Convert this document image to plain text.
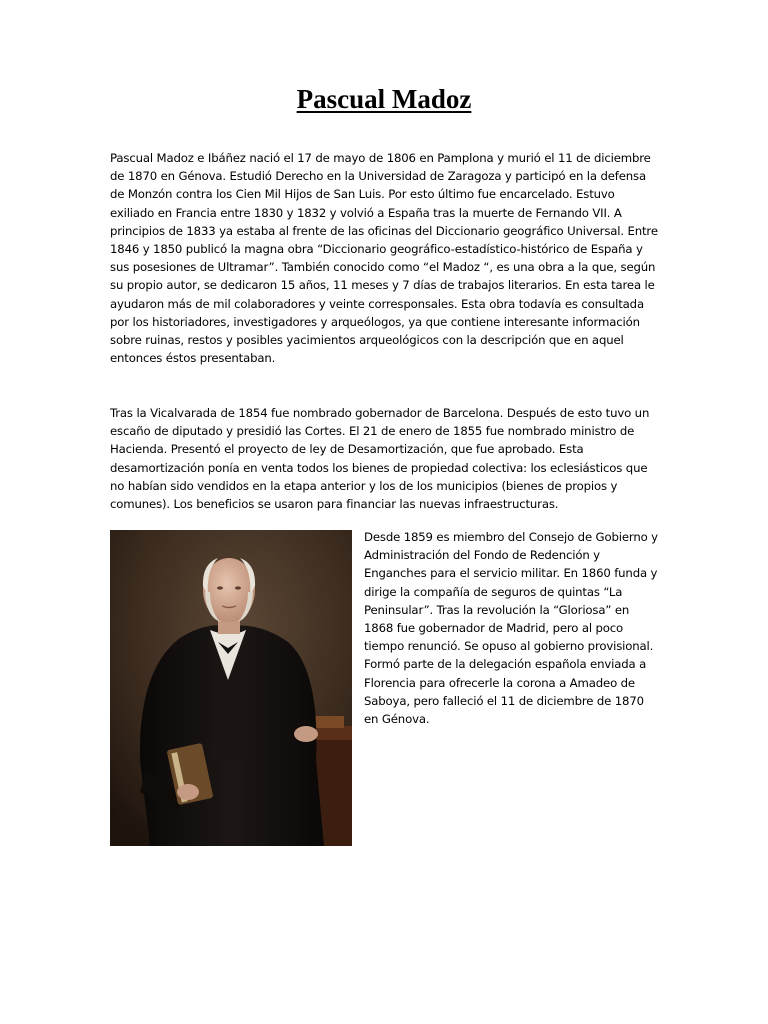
Pascual Madoz

Pascual Madoz e Ibáñez nació el 17 de mayo de 1806 en Pamplona y murió el 11 de diciembre de 1870 en Génova. Estudió Derecho en la Universidad de Zaragoza y participó en la defensa de Monzón contra los Cien Mil Hijos de San Luis. Por esto último fue encarcelado. Estuvo exiliado en Francia entre 1830 y 1832 y volvió a España tras la muerte de Fernando VII. A principios de 1833 ya estaba al frente de las oficinas del Diccionario geográfico Universal. Entre 1846 y 1850 publicó la magna obra “Diccionario geográfico-estadístico-histórico de España y sus posesiones de Ultramar”. También conocido como “el Madoz “, es una obra a la que, según su propio autor, se dedicaron 15 años, 11 meses y 7 días de trabajos literarios. En esta tarea le ayudaron más de mil colaboradores y veinte corresponsales. Esta obra todavía es consultada por los historiadores, investigadores y arqueólogos, ya que contiene interesante información sobre ruinas, restos y posibles yacimientos arqueológicos con la descripción que en aquel entonces éstos presentaban.

Tras la Vicalvarada de 1854 fue nombrado gobernador de Barcelona. Después de esto tuvo un escaño de diputado y presidió las Cortes. El 21 de enero de 1855 fue nombrado ministro de Hacienda. Presentó el proyecto de ley de Desamortización, que fue aprobado. Esta desamortización ponía en venta todos los bienes de propiedad colectiva: los eclesiásticos que no habían sido vendidos en la etapa anterior y los de los municipios (bienes de propios y comunes). Los beneficios se usaron para financiar las nuevas infraestructuras.

Desde 1859 es miembro del Consejo de Gobierno y Administración del Fondo de Redención y Enganches para el servicio militar. En 1860 funda y dirige la compañía de seguros de quintas “La Peninsular”. Tras la revolución la “Gloriosa” en 1868 fue gobernador de Madrid, pero al poco tiempo renunció. Se opuso al gobierno provisional. Formó parte de la delegación española enviada a Florencia para ofrecerle la corona a Amadeo de Saboya, pero falleció el 11 de diciembre de 1870 en Génova.
